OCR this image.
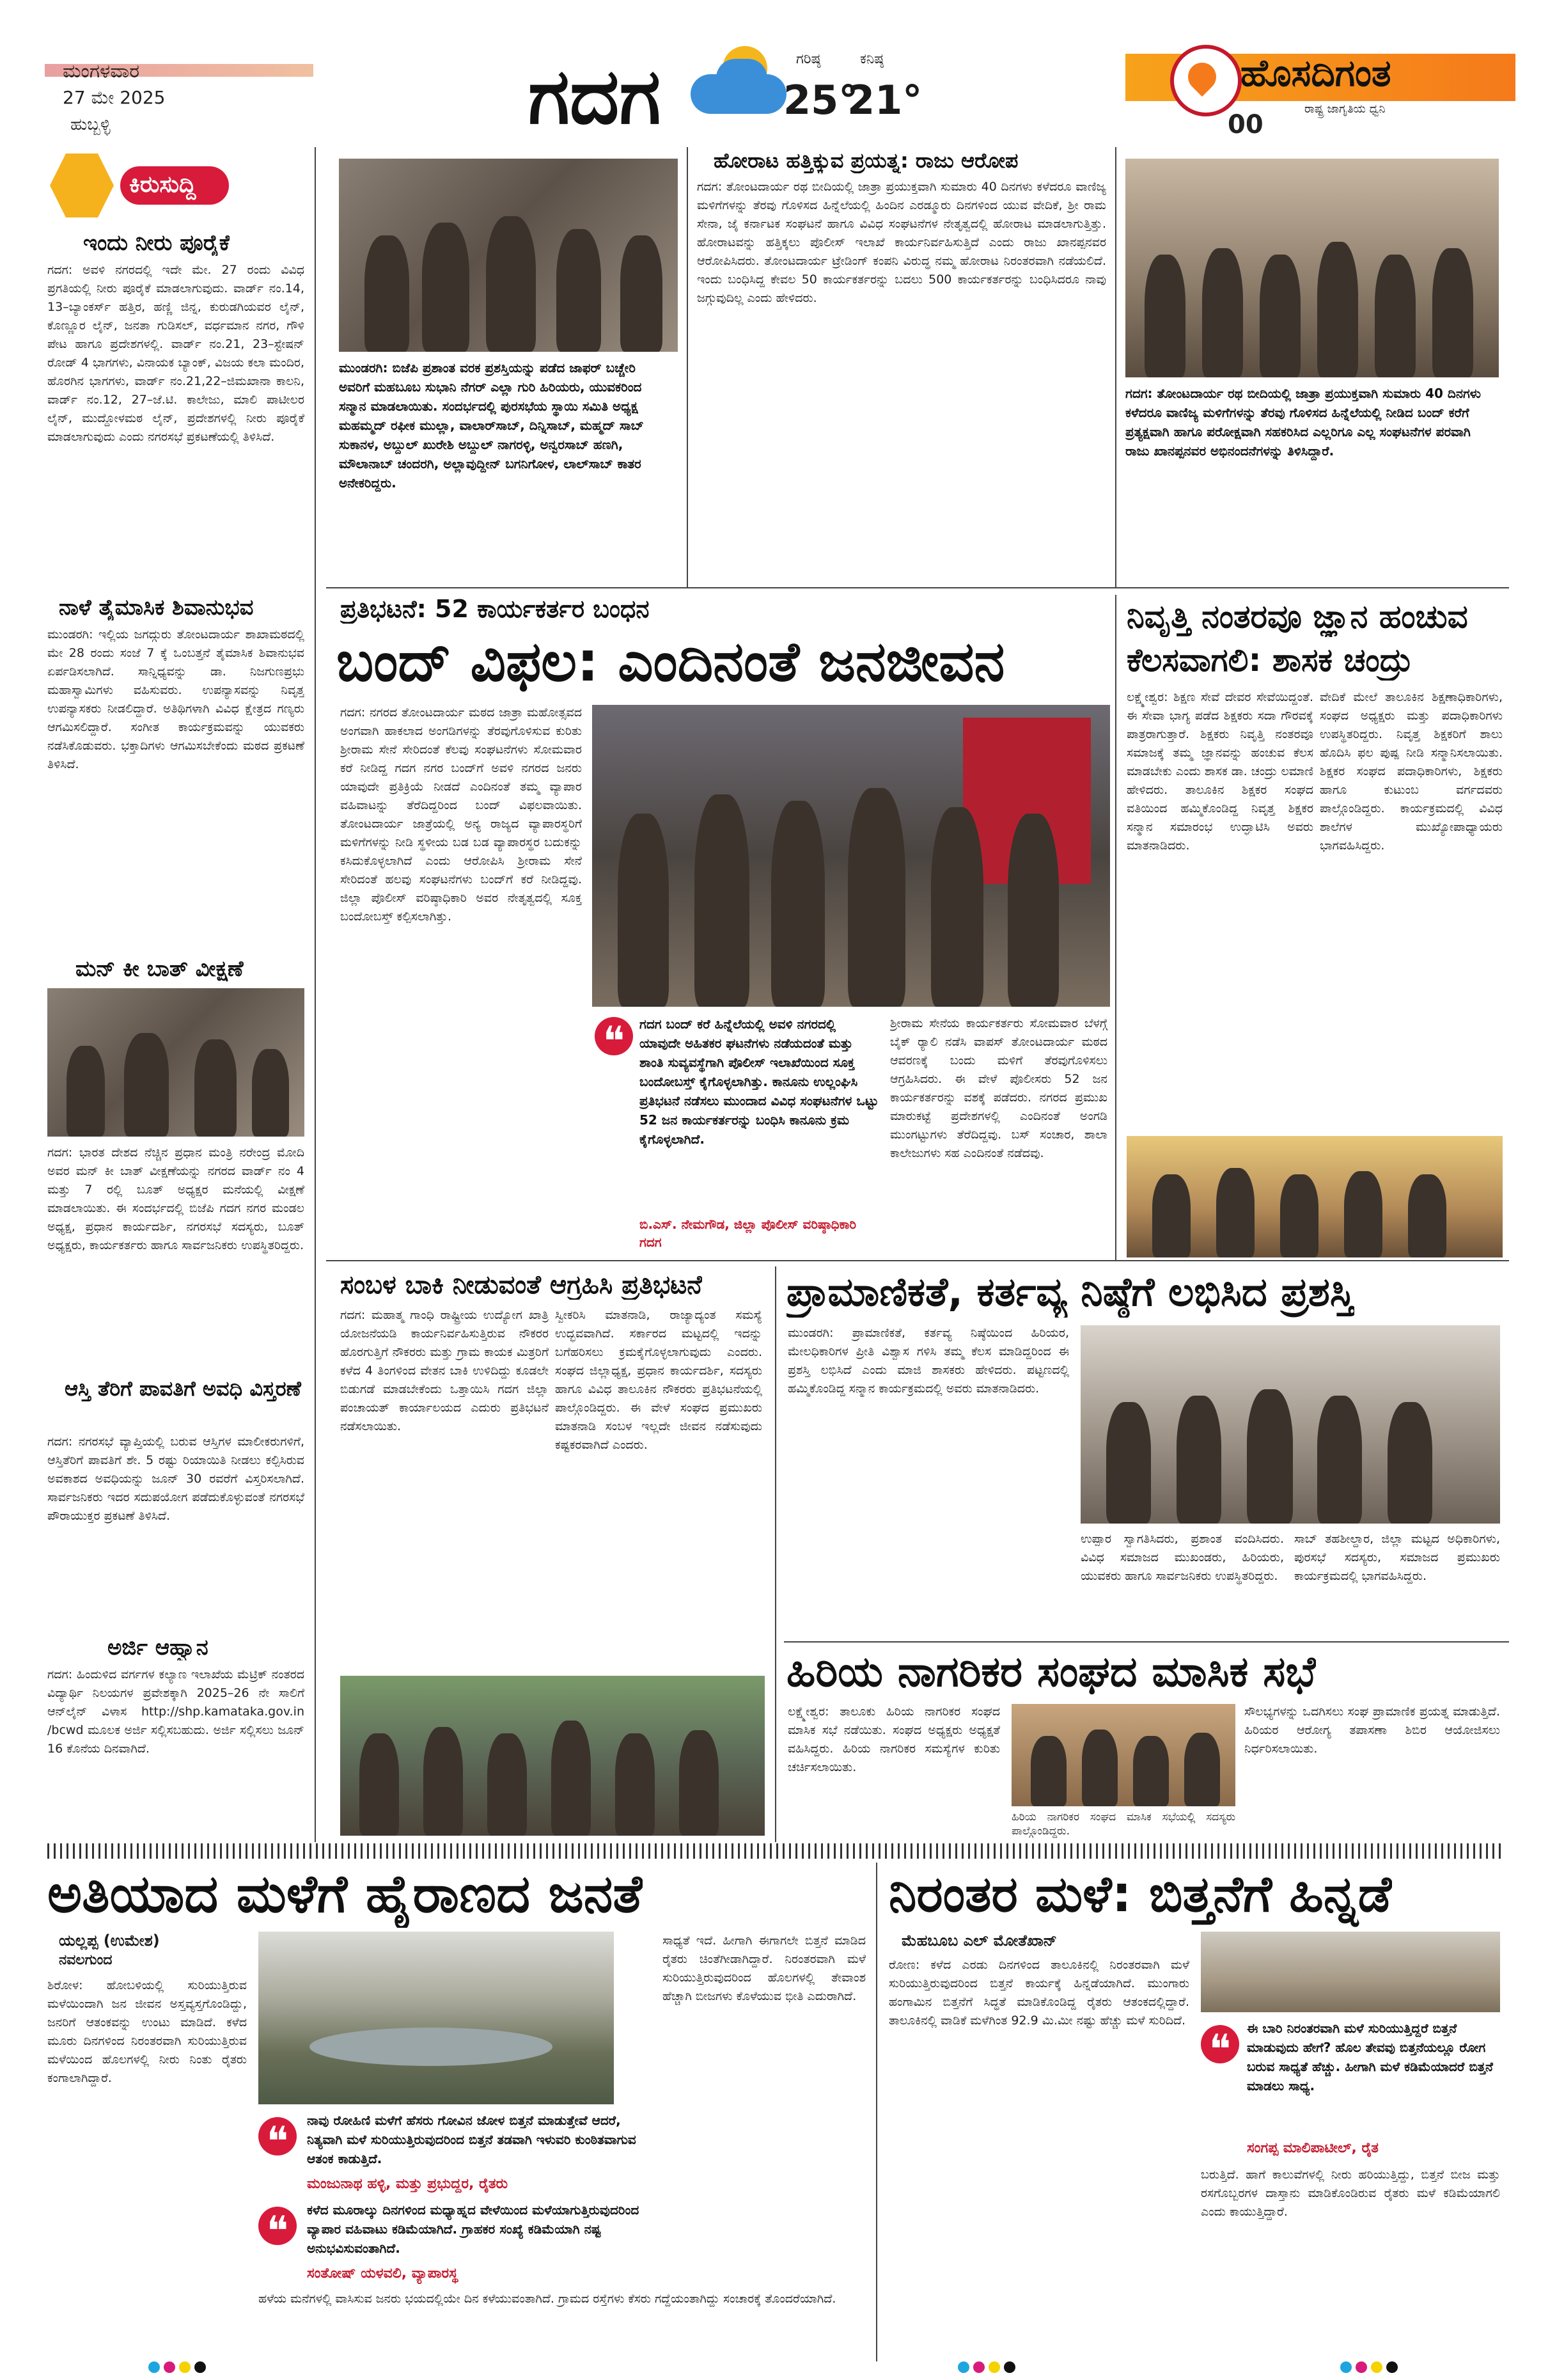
ಮಂಗಳವಾರ
27 ಮೇ 2025
ಹುಬ್ಬಳ್ಳಿ	ಗದಗ	ಗರಿಷ್ಠ
25°
ಕನಿಷ್ಠ
21°
ಹೊಸದಿಗಂತ
ರಾಷ್ಟ್ರ ಜಾಗೃತಿಯ ಧ್ವನಿ
00
ಕಿರುಸುದ್ದಿ
ಇಂದು ನೀರು ಪೂರೈಕೆ
ಗದಗ: ಅವಳಿ ನಗರದಲ್ಲಿ ಇದೇ ಮೇ. 27 ರಂದು ವಿವಿಧ ಪ್ರಗತಿಯಲ್ಲಿ ನೀರು ಪೂರೈಕೆ ಮಾಡಲಾಗುವುದು. ವಾರ್ಡ್ ನಂ.14, 13–ಬ್ಯಾಂಕರ್ಸ್ ಹತ್ತಿರ, ಹಣ್ಣಿ ಜಿನ್ನ, ಕುರುಡಗಿಯವರ ಲೈನ್, ಕೊಣ್ಣೂರ ಲೈನ್, ಜನತಾ ಗುಡಿಸಲ್, ವರ್ಧಮಾನ ನಗರ, ಗೌಳಿ ಪೇಟ ಹಾಗೂ ಪ್ರದೇಶಗಳಲ್ಲಿ. ವಾರ್ಡ್ ನಂ.21, 23–ಸ್ಟೇಷನ್ ರೋಡ್ 4 ಭಾಗಗಳು, ವಿನಾಯಕ ಬ್ಯಾಂಕ್, ವಿಜಯ ಕಲಾ ಮಂದಿರ, ಹೊರಗಿನ ಭಾಗಗಳು, ವಾರ್ಡ್ ನಂ.21,22–ಜಿಮಖಾನಾ ಕಾಲನಿ, ವಾರ್ಡ್ ನಂ.12, 27–ಜೆ.ಟಿ. ಕಾಲೇಜು, ಮಾಲಿ ಪಾಟೀಲರ ಲೈನ್, ಮುದ್ದೋಳಮಠ ಲೈನ್, ಪ್ರದೇಶಗಳಲ್ಲಿ ನೀರು ಪೂರೈಕೆ ಮಾಡಲಾಗುವುದು ಎಂದು ನಗರಸಭೆ ಪ್ರಕಟಣೆಯಲ್ಲಿ ತಿಳಿಸಿದೆ.
ನಾಳೆ ತೈಮಾಸಿಕ ಶಿವಾನುಭವ
ಮುಂಡರಗಿ: ಇಲ್ಲಿಯ ಜಗದ್ಗುರು ತೋಂಟದಾರ್ಯ ಶಾಖಾಮಠದಲ್ಲಿ ಮೇ 28 ರಂದು ಸಂಜೆ 7 ಕ್ಕೆ ಒಂಬತ್ತನೆ ತೈಮಾಸಿಕ ಶಿವಾನುಭವ ಏರ್ಪಡಿಸಲಾಗಿದೆ. ಸಾನ್ನಿಧ್ಯವನ್ನು ಡಾ. ನಿಜಗುಣಪ್ರಭು ಮಹಾಸ್ವಾಮಿಗಳು ವಹಿಸುವರು. ಉಪನ್ಯಾಸವನ್ನು ನಿವೃತ್ತ ಉಪನ್ಯಾಸಕರು ನೀಡಲಿದ್ದಾರೆ. ಅತಿಥಿಗಳಾಗಿ ವಿವಿಧ ಕ್ಷೇತ್ರದ ಗಣ್ಯರು ಆಗಮಿಸಲಿದ್ದಾರೆ. ಸಂಗೀತ ಕಾರ್ಯಕ್ರಮವನ್ನು ಯುವಕರು ನಡೆಸಿಕೊಡುವರು. ಭಕ್ತಾದಿಗಳು ಆಗಮಿಸಬೇಕೆಂದು ಮಠದ ಪ್ರಕಟಣೆ ತಿಳಿಸಿದೆ.
ಮನ್ ಕೀ ಬಾತ್ ವೀಕ್ಷಣೆ
ಗದಗ: ಭಾರತ ದೇಶದ ನೆಚ್ಚಿನ ಪ್ರಧಾನ ಮಂತ್ರಿ ನರೇಂದ್ರ ಮೋದಿ ಅವರ ಮನ್ ಕೀ ಬಾತ್ ವೀಕ್ಷಣೆಯನ್ನು ನಗರದ ವಾರ್ಡ್ ನಂ 4 ಮತ್ತು 7 ರಲ್ಲಿ ಬೂತ್ ಅಧ್ಯಕ್ಷರ ಮನೆಯಲ್ಲಿ ವೀಕ್ಷಣೆ ಮಾಡಲಾಯಿತು. ಈ ಸಂದರ್ಭದಲ್ಲಿ ಬಿಜೆಪಿ ಗದಗ ನಗರ ಮಂಡಲ ಅಧ್ಯಕ್ಷ, ಪ್ರಧಾನ ಕಾರ್ಯದರ್ಶಿ, ನಗರಸಭೆ ಸದಸ್ಯರು, ಬೂತ್ ಅಧ್ಯಕ್ಷರು, ಕಾರ್ಯಕರ್ತರು ಹಾಗೂ ಸಾರ್ವಜನಿಕರು ಉಪಸ್ಥಿತರಿದ್ದರು.
ಆಸ್ತಿ ತೆರಿಗೆ ಪಾವತಿಗೆ ಅವಧಿ ವಿಸ್ತರಣೆ
ಗದಗ: ನಗರಸಭೆ ವ್ಯಾಪ್ತಿಯಲ್ಲಿ ಬರುವ ಆಸ್ತಿಗಳ ಮಾಲೀಕರುಗಳಿಗೆ, ಆಸ್ತಿತೆರಿಗೆ ಪಾವತಿಗೆ ಶೇ. 5 ರಷ್ಟು ರಿಯಾಯಿತಿ ನೀಡಲು ಕಲ್ಪಿಸಿರುವ ಅವಕಾಶದ ಅವಧಿಯನ್ನು ಜೂನ್ 30 ರವರೆಗೆ ವಿಸ್ತರಿಸಲಾಗಿದೆ. ಸಾರ್ವಜನಿಕರು ಇದರ ಸದುಪಯೋಗ ಪಡೆದುಕೊಳ್ಳುವಂತೆ ನಗರಸಭೆ ಪೌರಾಯುಕ್ತರ ಪ್ರಕಟಣೆ ತಿಳಿಸಿದೆ.
ಅರ್ಜಿ ಆಹ್ವಾನ
ಗದಗ: ಹಿಂದುಳಿದ ವರ್ಗಗಳ ಕಲ್ಯಾಣ ಇಲಾಖೆಯ ಮೆಟ್ರಿಕ್ ನಂತರದ ವಿದ್ಯಾರ್ಥಿ ನಿಲಯಗಳ ಪ್ರವೇಶಕ್ಕಾಗಿ 2025–26 ನೇ ಸಾಲಿಗೆ ಆನ್‌ಲೈನ್ ವಿಳಾಸ http://shp.kamataka.gov.in /bcwd ಮೂಲಕ ಅರ್ಜಿ ಸಲ್ಲಿಸಬಹುದು. ಅರ್ಜಿ ಸಲ್ಲಿಸಲು ಜೂನ್ 16 ಕೊನೆಯ ದಿನವಾಗಿದೆ.
ಮುಂಡರಗಿ: ಬಿಜೆಪಿ ಪ್ರಶಾಂತ ವರಕ ಪ್ರಶಸ್ತಿಯನ್ನು ಪಡೆದ ಜಾಫರ್ ಬಚ್ಚೇರಿ ಅವರಿಗೆ ಮಹಬೂಬ ಸುಭಾನಿ ನೆಗರ್ ಎಲ್ಲಾ ಗುರಿ ಹಿರಿಯರು, ಯುವಕರಿಂದ ಸನ್ಮಾನ ಮಾಡಲಾಯಿತು. ಸಂದರ್ಭದಲ್ಲಿ ಪುರಸಭೆಯ ಸ್ಥಾಯಿ ಸಮಿತಿ ಅಧ್ಯಕ್ಷ ಮಹಮ್ಮದ್ ರಫೀಕ ಮುಲ್ಲಾ, ವಾಲಾರ್‌ಸಾಬ್, ದಿನ್ನಿಸಾಬ್, ಮಹ್ಮದ್ ಸಾಬ್ ಸುಕಾನಳ, ಅಬ್ದುಲ್ ಖುರೇಶಿ ಅಬ್ದುಲ್ ನಾಗರಳ್ಳಿ, ಅನ್ವರಸಾಬ್ ಹಣಗಿ, ಮೌಲಾನಾಬ್ ಚಂದರಗಿ, ಅಲ್ಲಾವುದ್ದೀನ್ ಬಗನಿಗೋಳ, ಲಾಲ್‌ಸಾಬ್ ಕಾತರ ಅನೇಕರಿದ್ದರು.
ಹೋರಾಟ ಹತ್ತಿಕ್ಕುವ ಪ್ರಯತ್ನ: ರಾಜು ಆರೋಪ
ಗದಗ: ತೋಂಟದಾರ್ಯ ರಥ ಬೀದಿಯಲ್ಲಿ ಜಾತ್ರಾ ಪ್ರಯುಕ್ತವಾಗಿ ಸುಮಾರು 40 ದಿನಗಳು ಕಳೆದರೂ ವಾಣಿಜ್ಯ ಮಳಿಗೆಗಳನ್ನು ತೆರವು ಗೊಳಿಸದ ಹಿನ್ನೆಲೆಯಲ್ಲಿ ಹಿಂದಿನ ಎರಡ್ಮೂರು ದಿನಗಳಿಂದ ಯುವ ವೇದಿಕೆ, ಶ್ರೀ ರಾಮ ಸೇನಾ, ಜೈ ಕರ್ನಾಟಕ ಸಂಘಟನೆ ಹಾಗೂ ವಿವಿಧ ಸಂಘಟನೆಗಳ ನೇತೃತ್ವದಲ್ಲಿ ಹೋರಾಟ ಮಾಡಲಾಗುತ್ತಿತ್ತು. ಹೋರಾಟವನ್ನು ಹತ್ತಿಕ್ಕಲು ಪೊಲೀಸ್ ಇಲಾಖೆ ಕಾರ್ಯನಿರ್ವಹಿಸುತ್ತಿದೆ ಎಂದು ರಾಜು ಖಾನಪ್ಪನವರ ಆರೋಪಿಸಿದರು. ತೋಂಟದಾರ್ಯ ಟ್ರೇಡಿಂಗ್ ಕಂಪನಿ ವಿರುದ್ಧ ನಮ್ಮ ಹೋರಾಟ ನಿರಂತರವಾಗಿ ನಡೆಯಲಿದೆ. ಇಂದು ಬಂಧಿಸಿದ್ದ ಕೇವಲ 50 ಕಾರ್ಯಕರ್ತರನ್ನು ಬದಲು 500 ಕಾರ್ಯಕರ್ತರನ್ನು ಬಂಧಿಸಿದರೂ ನಾವು ಜಗ್ಗುವುದಿಲ್ಲ ಎಂದು ಹೇಳಿದರು.
ಗದಗ: ತೋಂಟದಾರ್ಯ ರಥ ಬೀದಿಯಲ್ಲಿ ಜಾತ್ರಾ ಪ್ರಯುಕ್ತವಾಗಿ ಸುಮಾರು 40 ದಿನಗಳು ಕಳೆದರೂ ವಾಣಿಜ್ಯ ಮಳಿಗೆಗಳನ್ನು ತೆರವು ಗೊಳಿಸದ ಹಿನ್ನೆಲೆಯಲ್ಲಿ ನೀಡಿದ ಬಂದ್ ಕರೆಗೆ ಪ್ರತ್ಯಕ್ಷವಾಗಿ ಹಾಗೂ ಪರೋಕ್ಷವಾಗಿ ಸಹಕರಿಸಿದ ಎಲ್ಲರಿಗೂ ಎಲ್ಲ ಸಂಘಟನೆಗಳ ಪರವಾಗಿ ರಾಜು ಖಾನಪ್ಪನವರ ಅಭಿನಂದನೆಗಳನ್ನು ತಿಳಿಸಿದ್ದಾರೆ.
ಪ್ರತಿಭಟನೆ: 52 ಕಾರ್ಯಕರ್ತರ ಬಂಧನ
ಬಂದ್ ವಿಫಲ: ಎಂದಿನಂತೆ ಜನಜೀವನ
ಗದಗ: ನಗರದ ತೋಂಟದಾರ್ಯ ಮಠದ ಜಾತ್ರಾ ಮಹೋತ್ಸವದ ಅಂಗವಾಗಿ ಹಾಕಲಾದ ಅಂಗಡಿಗಳನ್ನು ತೆರವುಗೊಳಿಸುವ ಕುರಿತು ಶ್ರೀರಾಮ ಸೇನೆ ಸೇರಿದಂತೆ ಕೆಲವು ಸಂಘಟನೆಗಳು ಸೋಮವಾರ ಕರೆ ನೀಡಿದ್ದ ಗದಗ ನಗರ ಬಂದ್‌ಗೆ ಅವಳಿ ನಗರದ ಜನರು ಯಾವುದೇ ಪ್ರತಿಕ್ರಿಯೆ ನೀಡದೆ ಎಂದಿನಂತೆ ತಮ್ಮ ವ್ಯಾಪಾರ ವಹಿವಾಟನ್ನು ತೆರೆದಿದ್ದರಿಂದ ಬಂದ್ ವಿಫಲವಾಯಿತು. ತೋಂಟದಾರ್ಯ ಜಾತ್ರೆಯಲ್ಲಿ ಅನ್ಯ ರಾಜ್ಯದ ವ್ಯಾಪಾರಸ್ಥರಿಗೆ ಮಳಿಗೆಗಳನ್ನು ನೀಡಿ ಸ್ಥಳೀಯ ಬಡ ಬಡ ವ್ಯಾಪಾರಸ್ಥರ ಬದುಕನ್ನು ಕಸಿದುಕೊಳ್ಳಲಾಗಿದೆ ಎಂದು ಆರೋಪಿಸಿ ಶ್ರೀರಾಮ ಸೇನೆ ಸೇರಿದಂತೆ ಹಲವು ಸಂಘಟನೆಗಳು ಬಂದ್‌ಗೆ ಕರೆ ನೀಡಿದ್ದವು. ಜಿಲ್ಲಾ ಪೊಲೀಸ್ ವರಿಷ್ಠಾಧಿಕಾರಿ ಅವರ ನೇತೃತ್ವದಲ್ಲಿ ಸೂಕ್ತ ಬಂದೋಬಸ್ತ್ ಕಲ್ಪಿಸಲಾಗಿತ್ತು.
❝	ಗದಗ ಬಂದ್ ಕರೆ ಹಿನ್ನೆಲೆಯಲ್ಲಿ ಅವಳಿ ನಗರದಲ್ಲಿ ಯಾವುದೇ ಅಹಿತಕರ ಘಟನೆಗಳು ನಡೆಯದಂತೆ ಮತ್ತು ಶಾಂತಿ ಸುವ್ಯವಸ್ಥೆಗಾಗಿ ಪೊಲೀಸ್ ಇಲಾಖೆಯಿಂದ ಸೂಕ್ತ ಬಂದೋಬಸ್ತ್ ಕೈಗೊಳ್ಳಲಾಗಿತ್ತು. ಕಾನೂನು ಉಲ್ಲಂಘಿಸಿ ಪ್ರತಿಭಟನೆ ನಡೆಸಲು ಮುಂದಾದ ವಿವಿಧ ಸಂಘಟನೆಗಳ ಒಟ್ಟು 52 ಜನ ಕಾರ್ಯಕರ್ತರನ್ನು ಬಂಧಿಸಿ ಕಾನೂನು ಕ್ರಮ ಕೈಗೊಳ್ಳಲಾಗಿದೆ.
ಬಿ.ಎಸ್. ನೇಮಗೌಡ, ಜಿಲ್ಲಾ ಪೊಲೀಸ್ ವರಿಷ್ಠಾಧಿಕಾರಿ ಗದಗ
ಶ್ರೀರಾಮ ಸೇನೆಯ ಕಾರ್ಯಕರ್ತರು ಸೋಮವಾರ ಬೆಳಗ್ಗೆ ಬೈಕ್ ರ‍್ಯಾಲಿ ನಡೆಸಿ ವಾಪಸ್ ತೋಂಟದಾರ್ಯ ಮಠದ ಆವರಣಕ್ಕೆ ಬಂದು ಮಳಿಗೆ ತೆರವುಗೊಳಿಸಲು ಆಗ್ರಹಿಸಿದರು. ಈ ವೇಳೆ ಪೊಲೀಸರು 52 ಜನ ಕಾರ್ಯಕರ್ತರನ್ನು ವಶಕ್ಕೆ ಪಡೆದರು. ನಗರದ ಪ್ರಮುಖ ಮಾರುಕಟ್ಟೆ ಪ್ರದೇಶಗಳಲ್ಲಿ ಎಂದಿನಂತೆ ಅಂಗಡಿ ಮುಂಗಟ್ಟುಗಳು ತೆರೆದಿದ್ದವು. ಬಸ್ ಸಂಚಾರ, ಶಾಲಾ ಕಾಲೇಜುಗಳು ಸಹ ಎಂದಿನಂತೆ ನಡೆದವು.
ನಿವೃತ್ತಿ ನಂತರವೂ ಜ್ಞಾನ ಹಂಚುವ
ಕೆಲಸವಾಗಲಿ: ಶಾಸಕ ಚಂದ್ರು
ಲಕ್ಷ್ಮೇಶ್ವರ: ಶಿಕ್ಷಣ ಸೇವೆ ದೇವರ ಸೇವೆಯಿದ್ದಂತೆ. ಈ ಸೇವಾ ಭಾಗ್ಯ ಪಡೆದ ಶಿಕ್ಷಕರು ಸದಾ ಗೌರವಕ್ಕೆ ಪಾತ್ರರಾಗುತ್ತಾರೆ. ಶಿಕ್ಷಕರು ನಿವೃತ್ತಿ ನಂತರವೂ ಸಮಾಜಕ್ಕೆ ತಮ್ಮ ಜ್ಞಾನವನ್ನು ಹಂಚುವ ಕೆಲಸ ಮಾಡಬೇಕು ಎಂದು ಶಾಸಕ ಡಾ. ಚಂದ್ರು ಲಮಾಣಿ ಹೇಳಿದರು. ತಾಲೂಕಿನ ಶಿಕ್ಷಕರ ಸಂಘದ ವತಿಯಿಂದ ಹಮ್ಮಿಕೊಂಡಿದ್ದ ನಿವೃತ್ತ ಶಿಕ್ಷಕರ ಸನ್ಮಾನ ಸಮಾರಂಭ ಉದ್ಘಾಟಿಸಿ ಅವರು ಮಾತನಾಡಿದರು.
ವೇದಿಕೆ ಮೇಲೆ ತಾಲೂಕಿನ ಶಿಕ್ಷಣಾಧಿಕಾರಿಗಳು, ಸಂಘದ ಅಧ್ಯಕ್ಷರು ಮತ್ತು ಪದಾಧಿಕಾರಿಗಳು ಉಪಸ್ಥಿತರಿದ್ದರು. ನಿವೃತ್ತ ಶಿಕ್ಷಕರಿಗೆ ಶಾಲು ಹೊದಿಸಿ ಫಲ ಪುಷ್ಪ ನೀಡಿ ಸನ್ಮಾನಿಸಲಾಯಿತು. ಶಿಕ್ಷಕರ ಸಂಘದ ಪದಾಧಿಕಾರಿಗಳು, ಶಿಕ್ಷಕರು ಹಾಗೂ ಕುಟುಂಬ ವರ್ಗದವರು ಪಾಲ್ಗೊಂಡಿದ್ದರು. ಕಾರ್ಯಕ್ರಮದಲ್ಲಿ ವಿವಿಧ ಶಾಲೆಗಳ ಮುಖ್ಯೋಪಾಧ್ಯಾಯರು ಭಾಗವಹಿಸಿದ್ದರು.
ಸಂಬಳ ಬಾಕಿ ನೀಡುವಂತೆ ಆಗ್ರಹಿಸಿ ಪ್ರತಿಭಟನೆ
ಗದಗ: ಮಹಾತ್ಮ ಗಾಂಧಿ ರಾಷ್ಟ್ರೀಯ ಉದ್ಯೋಗ ಖಾತ್ರಿ ಯೋಜನೆಯಡಿ ಕಾರ್ಯನಿರ್ವಹಿಸುತ್ತಿರುವ ನೌಕರರ ಹೊರಗುತ್ತಿಗೆ ನೌಕರರು ಮತ್ತು ಗ್ರಾಮ ಕಾಯಕ ಮಿತ್ರರಿಗೆ ಕಳೆದ 4 ತಿಂಗಳಿಂದ ವೇತನ ಬಾಕಿ ಉಳಿದಿದ್ದು ಕೂಡಲೇ ಬಿಡುಗಡೆ ಮಾಡಬೇಕೆಂದು ಒತ್ತಾಯಿಸಿ ಗದಗ ಜಿಲ್ಲಾ ಪಂಚಾಯತ್ ಕಾರ್ಯಾಲಯದ ಎದುರು ಪ್ರತಿಭಟನೆ ನಡೆಸಲಾಯಿತು.
ಸ್ವೀಕರಿಸಿ ಮಾತನಾಡಿ, ರಾಜ್ಯಾದ್ಯಂತ ಸಮಸ್ಯೆ ಉದ್ಭವವಾಗಿದೆ. ಸರ್ಕಾರದ ಮಟ್ಟದಲ್ಲಿ ಇದನ್ನು ಬಗೆಹರಿಸಲು ಕ್ರಮಕೈಗೊಳ್ಳಲಾಗುವುದು ಎಂದರು. ಸಂಘದ ಜಿಲ್ಲಾಧ್ಯಕ್ಷ, ಪ್ರಧಾನ ಕಾರ್ಯದರ್ಶಿ, ಸದಸ್ಯರು ಹಾಗೂ ವಿವಿಧ ತಾಲೂಕಿನ ನೌಕರರು ಪ್ರತಿಭಟನೆಯಲ್ಲಿ ಪಾಲ್ಗೊಂಡಿದ್ದರು. ಈ ವೇಳೆ ಸಂಘದ ಪ್ರಮುಖರು ಮಾತನಾಡಿ ಸಂಬಳ ಇಲ್ಲದೇ ಜೀವನ ನಡೆಸುವುದು ಕಷ್ಟಕರವಾಗಿದೆ ಎಂದರು.
ಪ್ರಾಮಾಣಿಕತೆ, ಕರ್ತವ್ಯ ನಿಷ್ಠೆಗೆ ಲಭಿಸಿದ ಪ್ರಶಸ್ತಿ
ಮುಂಡರಗಿ: ಪ್ರಾಮಾಣಿಕತೆ, ಕರ್ತವ್ಯ ನಿಷ್ಠೆಯಿಂದ ಹಿರಿಯರ, ಮೇಲಧಿಕಾರಿಗಳ ಪ್ರೀತಿ ವಿಶ್ವಾಸ ಗಳಿಸಿ ತಮ್ಮ ಕೆಲಸ ಮಾಡಿದ್ದರಿಂದ ಈ ಪ್ರಶಸ್ತಿ ಲಭಿಸಿದೆ ಎಂದು ಮಾಜಿ ಶಾಸಕರು ಹೇಳಿದರು. ಪಟ್ಟಣದಲ್ಲಿ ಹಮ್ಮಿಕೊಂಡಿದ್ದ ಸನ್ಮಾನ ಕಾರ್ಯಕ್ರಮದಲ್ಲಿ ಅವರು ಮಾತನಾಡಿದರು.
ಉಪ್ಪಾರ ಸ್ವಾಗತಿಸಿದರು, ಪ್ರಶಾಂತ ವಂದಿಸಿದರು. ವಿವಿಧ ಸಮಾಜದ ಮುಖಂಡರು, ಹಿರಿಯರು, ಯುವಕರು ಹಾಗೂ ಸಾರ್ವಜನಿಕರು ಉಪಸ್ಥಿತರಿದ್ದರು.
ಸಾಬ್ ತಹಶೀಲ್ದಾರ, ಜಿಲ್ಲಾ ಮಟ್ಟದ ಅಧಿಕಾರಿಗಳು, ಪುರಸಭೆ ಸದಸ್ಯರು, ಸಮಾಜದ ಪ್ರಮುಖರು ಕಾರ್ಯಕ್ರಮದಲ್ಲಿ ಭಾಗವಹಿಸಿದ್ದರು.
ಹಿರಿಯ ನಾಗರಿಕರ ಸಂಘದ ಮಾಸಿಕ ಸಭೆ
ಲಕ್ಷ್ಮೇಶ್ವರ: ತಾಲೂಕು ಹಿರಿಯ ನಾಗರಿಕರ ಸಂಘದ ಮಾಸಿಕ ಸಭೆ ನಡೆಯಿತು. ಸಂಘದ ಅಧ್ಯಕ್ಷರು ಅಧ್ಯಕ್ಷತೆ ವಹಿಸಿದ್ದರು. ಹಿರಿಯ ನಾಗರಿಕರ ಸಮಸ್ಯೆಗಳ ಕುರಿತು ಚರ್ಚಿಸಲಾಯಿತು.
ಹಿರಿಯ ನಾಗರಿಕರ ಸಂಘದ ಮಾಸಿಕ ಸಭೆಯಲ್ಲಿ ಸದಸ್ಯರು ಪಾಲ್ಗೊಂಡಿದ್ದರು.
ಸೌಲಭ್ಯಗಳನ್ನು ಒದಗಿಸಲು ಸಂಘ ಪ್ರಾಮಾಣಿಕ ಪ್ರಯತ್ನ ಮಾಡುತ್ತಿದೆ. ಹಿರಿಯರ ಆರೋಗ್ಯ ತಪಾಸಣಾ ಶಿಬಿರ ಆಯೋಜಿಸಲು ನಿರ್ಧರಿಸಲಾಯಿತು.
ಅತಿಯಾದ ಮಳೆಗೆ ಹೈರಾಣದ ಜನತೆ
ಯಲ್ಲಪ್ಪ (ಉಮೇಶ)
ನವಲಗುಂದ
ಶಿರೋಳ: ಹೋಬಳಿಯಲ್ಲಿ ಸುರಿಯುತ್ತಿರುವ ಮಳೆಯಿಂದಾಗಿ ಜನ ಜೀವನ ಅಸ್ತವ್ಯಸ್ತಗೊಂಡಿದ್ದು, ಜನರಿಗೆ ಆತಂಕವನ್ನು ಉಂಟು ಮಾಡಿದೆ. ಕಳೆದ ಮೂರು ದಿನಗಳಿಂದ ನಿರಂತರವಾಗಿ ಸುರಿಯುತ್ತಿರುವ ಮಳೆಯಿಂದ ಹೊಲಗಳಲ್ಲಿ ನೀರು ನಿಂತು ರೈತರು ಕಂಗಾಲಾಗಿದ್ದಾರೆ.
❝	ನಾವು ರೋಹಿಣಿ ಮಳೆಗೆ ಹೆಸರು ಗೋವಿನ ಜೋಳ ಬಿತ್ತನೆ ಮಾಡುತ್ತೇವೆ ಆದರೆ, ನಿತ್ಯವಾಗಿ ಮಳೆ ಸುರಿಯುತ್ತಿರುವುದರಿಂದ ಬಿತ್ತನೆ ತಡವಾಗಿ ಇಳುವರಿ ಕುಂಠಿತವಾಗುವ ಆತಂಕ ಕಾಡುತ್ತಿದೆ.
ಮಂಜುನಾಥ ಹಳ್ಳಿ, ಮತ್ತು ಪ್ರಭುದ್ದರ, ರೈತರು
❝	ಕಳೆದ ಮೂರಾಲ್ಕು ದಿನಗಳಿಂದ ಮಧ್ಯಾಹ್ನದ ವೇಳೆಯಿಂದ ಮಳೆಯಾಗುತ್ತಿರುವುದರಿಂದ ವ್ಯಾಪಾರ ವಹಿವಾಟು ಕಡಿಮೆಯಾಗಿದೆ. ಗ್ರಾಹಕರ ಸಂಖ್ಯೆ ಕಡಿಮೆಯಾಗಿ ನಷ್ಟ ಅನುಭವಿಸುವಂತಾಗಿದೆ.
ಸಂತೋಷ್ ಯಳವಲಿ, ವ್ಯಾಪಾರಸ್ಥ
ಸಾಧ್ಯತೆ ಇದೆ. ಹೀಗಾಗಿ ಈಗಾಗಲೇ ಬಿತ್ತನೆ ಮಾಡಿದ ರೈತರು ಚಿಂತೆಗೀಡಾಗಿದ್ದಾರೆ. ನಿರಂತರವಾಗಿ ಮಳೆ ಸುರಿಯುತ್ತಿರುವುದರಿಂದ ಹೊಲಗಳಲ್ಲಿ ತೇವಾಂಶ ಹೆಚ್ಚಾಗಿ ಬೀಜಗಳು ಕೊಳೆಯುವ ಭೀತಿ ಎದುರಾಗಿದೆ.
ಹಳೆಯ ಮನೆಗಳಲ್ಲಿ ವಾಸಿಸುವ ಜನರು ಭಯದಲ್ಲಿಯೇ ದಿನ ಕಳೆಯುವಂತಾಗಿದೆ. ಗ್ರಾಮದ ರಸ್ತೆಗಳು ಕೆಸರು ಗದ್ದೆಯಂತಾಗಿದ್ದು ಸಂಚಾರಕ್ಕೆ ತೊಂದರೆಯಾಗಿದೆ.
ನಿರಂತರ ಮಳೆ: ಬಿತ್ತನೆಗೆ ಹಿನ್ನಡೆ
ಮೆಹಬೂಬ ಎಲ್ ಮೋತೆಖಾನ್
ರೋಣ: ಕಳೆದ ಎರಡು ದಿನಗಳಿಂದ ತಾಲೂಕಿನಲ್ಲಿ ನಿರಂತರವಾಗಿ ಮಳೆ ಸುರಿಯುತ್ತಿರುವುದರಿಂದ ಬಿತ್ತನೆ ಕಾರ್ಯಕ್ಕೆ ಹಿನ್ನಡೆಯಾಗಿದೆ. ಮುಂಗಾರು ಹಂಗಾಮಿನ ಬಿತ್ತನೆಗೆ ಸಿದ್ಧತೆ ಮಾಡಿಕೊಂಡಿದ್ದ ರೈತರು ಆತಂಕದಲ್ಲಿದ್ದಾರೆ. ತಾಲೂಕಿನಲ್ಲಿ ವಾಡಿಕೆ ಮಳೆಗಿಂತ 92.9 ಮಿ.ಮೀ ನಷ್ಟು ಹೆಚ್ಚು ಮಳೆ ಸುರಿದಿದೆ.
❝	ಈ ಬಾರಿ ನಿರಂತರವಾಗಿ ಮಳೆ ಸುರಿಯುತ್ತಿದ್ದರೆ ಬಿತ್ತನೆ ಮಾಡುವುದು ಹೇಗೆ? ಹೊಲ ತೇವವು ಬಿತ್ತನೆಯಲ್ಲೂ ರೋಗ ಬರುವ ಸಾಧ್ಯತೆ ಹೆಚ್ಚು. ಹೀಗಾಗಿ ಮಳೆ ಕಡಿಮೆಯಾದರೆ ಬಿತ್ತನೆ ಮಾಡಲು ಸಾಧ್ಯ.
ಸಂಗಪ್ಪ ಮಾಲಿಪಾಟೀಲ್, ರೈತ
ಬರುತ್ತಿದೆ. ಹಾಗೆ ಕಾಲುವೆಗಳಲ್ಲಿ ನೀರು ಹರಿಯುತ್ತಿದ್ದು, ಬಿತ್ತನೆ ಬೀಜ ಮತ್ತು ರಸಗೊಬ್ಬರಗಳ ದಾಸ್ತಾನು ಮಾಡಿಕೊಂಡಿರುವ ರೈತರು ಮಳೆ ಕಡಿಮೆಯಾಗಲಿ ಎಂದು ಕಾಯುತ್ತಿದ್ದಾರೆ.
